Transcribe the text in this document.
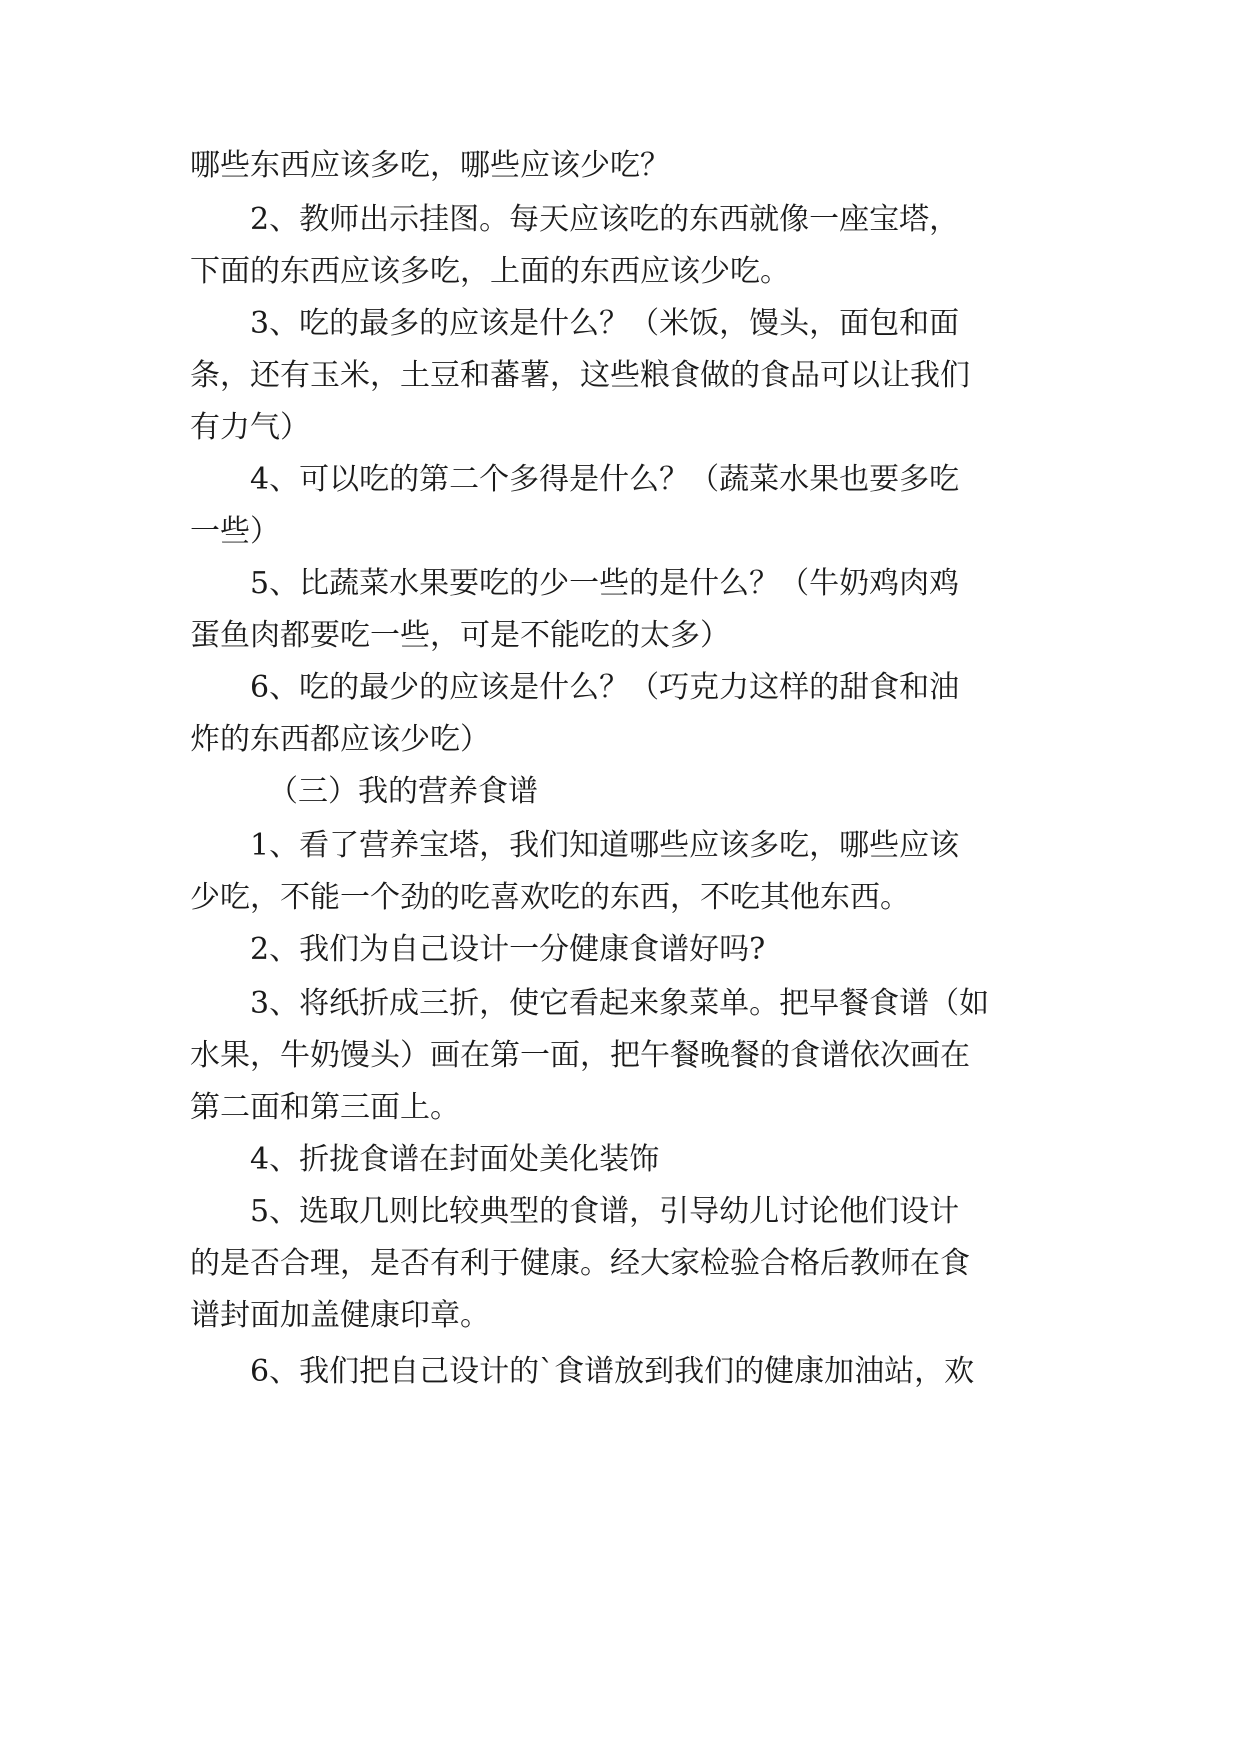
哪些东西应该多吃，哪些应该少吃？

2、教师出示挂图。每天应该吃的东西就像一座宝塔，

下面的东西应该多吃，上面的东西应该少吃。

3、吃的最多的应该是什么？（米饭，馒头，面包和面

条，还有玉米，土豆和蕃薯，这些粮食做的食品可以让我们

有力气）

4、可以吃的第二个多得是什么？（蔬菜水果也要多吃

一些）

5、比蔬菜水果要吃的少一些的是什么？（牛奶鸡肉鸡

蛋鱼肉都要吃一些，可是不能吃的太多）

6、吃的最少的应该是什么？（巧克力这样的甜食和油

炸的东西都应该少吃）

（三）我的营养食谱

1、看了营养宝塔，我们知道哪些应该多吃，哪些应该

少吃，不能一个劲的吃喜欢吃的东西，不吃其他东西。

2、我们为自己设计一分健康食谱好吗?

3、将纸折成三折，使它看起来象菜单。把早餐食谱（如

水果，牛奶馒头）画在第一面，把午餐晚餐的食谱依次画在

第二面和第三面上。

4、折拢食谱在封面处美化装饰

5、选取几则比较典型的食谱，引导幼儿讨论他们设计

的是否合理，是否有利于健康。经大家检验合格后教师在食

谱封面加盖健康印章。

6、我们把自己设计的`食谱放到我们的健康加油站，欢
